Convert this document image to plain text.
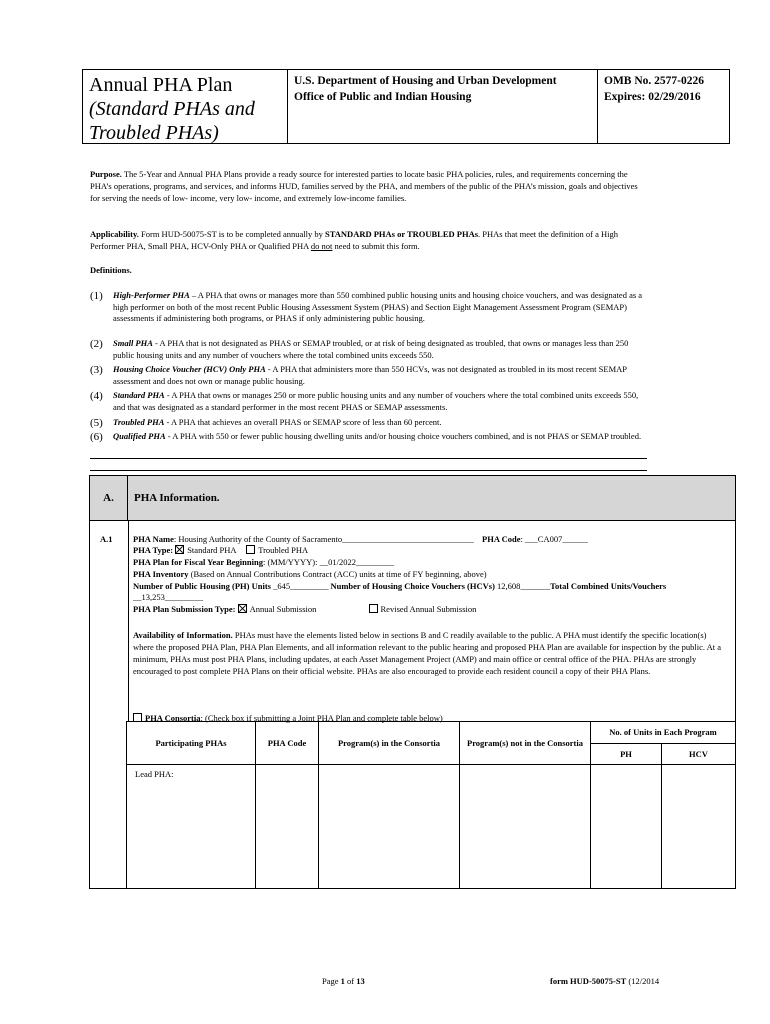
Annual PHA Plan
(Standard PHAs and
Troubled PHAs)
U.S. Department of Housing and Urban Development
Office of Public and Indian Housing
OMB No. 2577-0226
Expires: 02/29/2016
Purpose. The 5-Year and Annual PHA Plans provide a ready source for interested parties to locate basic PHA policies, rules, and requirements concerning the PHA’s operations, programs, and services, and informs HUD, families served by the PHA, and members of the public of the PHA’s mission, goals and objectives for serving the needs of low- income, very low- income, and extremely low-income families.
Applicability. Form HUD-50075-ST is to be completed annually by STANDARD PHAs or TROUBLED PHAs. PHAs that meet the definition of a High Performer PHA, Small PHA, HCV-Only PHA or Qualified PHA do not need to submit this form.
Definitions.
(1)	High-Performer PHA – A PHA that owns or manages more than 550 combined public housing units and housing choice vouchers, and was designated as a high performer on both of the most recent Public Housing Assessment System (PHAS) and Section Eight Management Assessment Program (SEMAP) assessments if administering both programs, or PHAS if only administering public housing.
(2)	Small PHA - A PHA that is not designated as PHAS or SEMAP troubled, or at risk of being designated as troubled, that owns or manages less than 250 public housing units and any number of vouchers where the total combined units exceeds 550.
(3)	Housing Choice Voucher (HCV) Only PHA - A PHA that administers more than 550 HCVs, was not designated as troubled in its most recent SEMAP assessment and does not own or manage public housing.
(4)	Standard PHA - A PHA that owns or manages 250 or more public housing units and any number of vouchers where the total combined units exceeds 550, and that was designated as a standard performer in the most recent PHAS or SEMAP assessments.
(5)	Troubled PHA - A PHA that achieves an overall PHAS or SEMAP score of less than 60 percent.
(6)	Qualified PHA - A PHA with 550 or fewer public housing dwelling units and/or housing choice vouchers combined, and is not PHAS or SEMAP troubled.
A.	PHA Information.
A.1 PHA Name: Housing Authority of the County of Sacramento_______________________________ PHA Code: ___CA007______
PHA Type: Standard PHA	Troubled PHA
PHA Plan for Fiscal Year Beginning: (MM/YYYY): __01/2022_________
PHA Inventory (Based on Annual Contributions Contract (ACC) units at time of FY beginning, above)
Number of Public Housing (PH) Units _645_________ Number of Housing Choice Vouchers (HCVs) 12,608_______Total Combined Units/Vouchers
__13,253_________
PHA Plan Submission Type: Annual Submission	Revised Annual Submission
Availability of Information. PHAs must have the elements listed below in sections B and C readily available to the public. A PHA must identify the specific location(s) where the proposed PHA Plan, PHA Plan Elements, and all information relevant to the public hearing and proposed PHA Plan are available for inspection by the public. At a minimum, PHAs must post PHA Plans, including updates, at each Asset Management Project (AMP) and main office or central office of the PHA. PHAs are strongly encouraged to post complete PHA Plans on their official website. PHAs are also encouraged to provide each resident council a copy of their PHA Plans.
PHA Consortia: (Check box if submitting a Joint PHA Plan and complete table below)
Participating PHAs	PHA Code	Program(s) in the Consortia	Program(s) not in the Consortia
No. of Units in Each Program
PH	HCV
Lead PHA:
Page 1 of 13	form HUD-50075-ST (12/2014
